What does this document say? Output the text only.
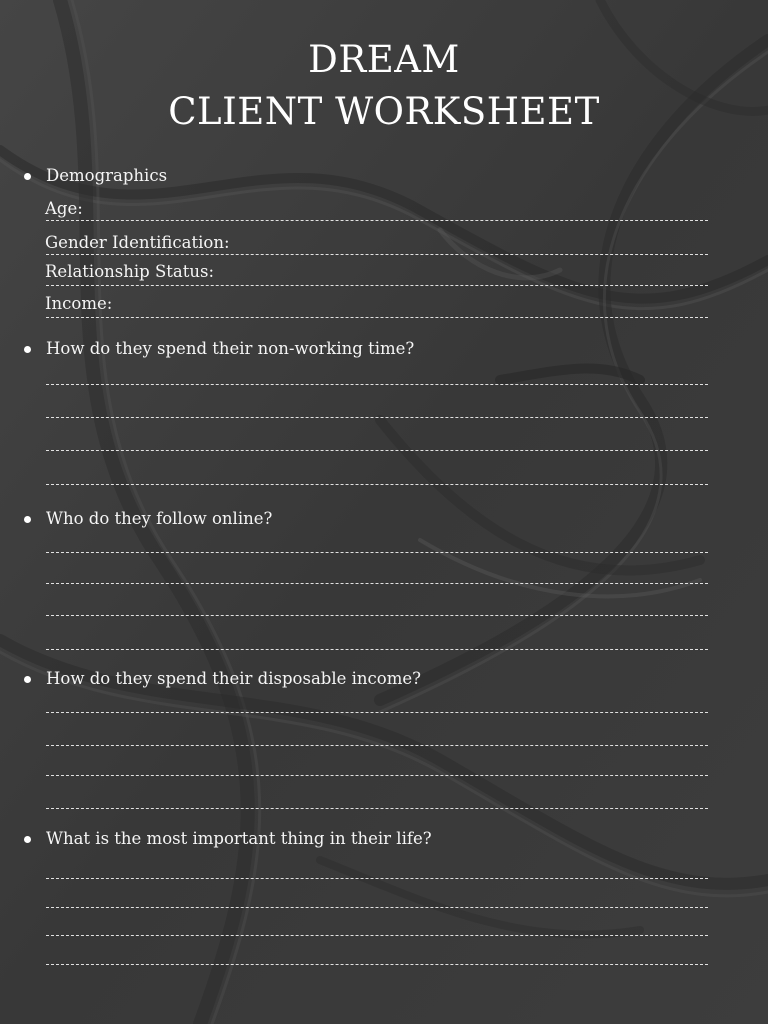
DREAM
CLIENT WORKSHEET
Demographics
Age:
Gender Identification:
Relationship Status:
Income:
How do they spend their non-working time?
Who do they follow online?
How do they spend their disposable income?
What is the most important thing in their life?
